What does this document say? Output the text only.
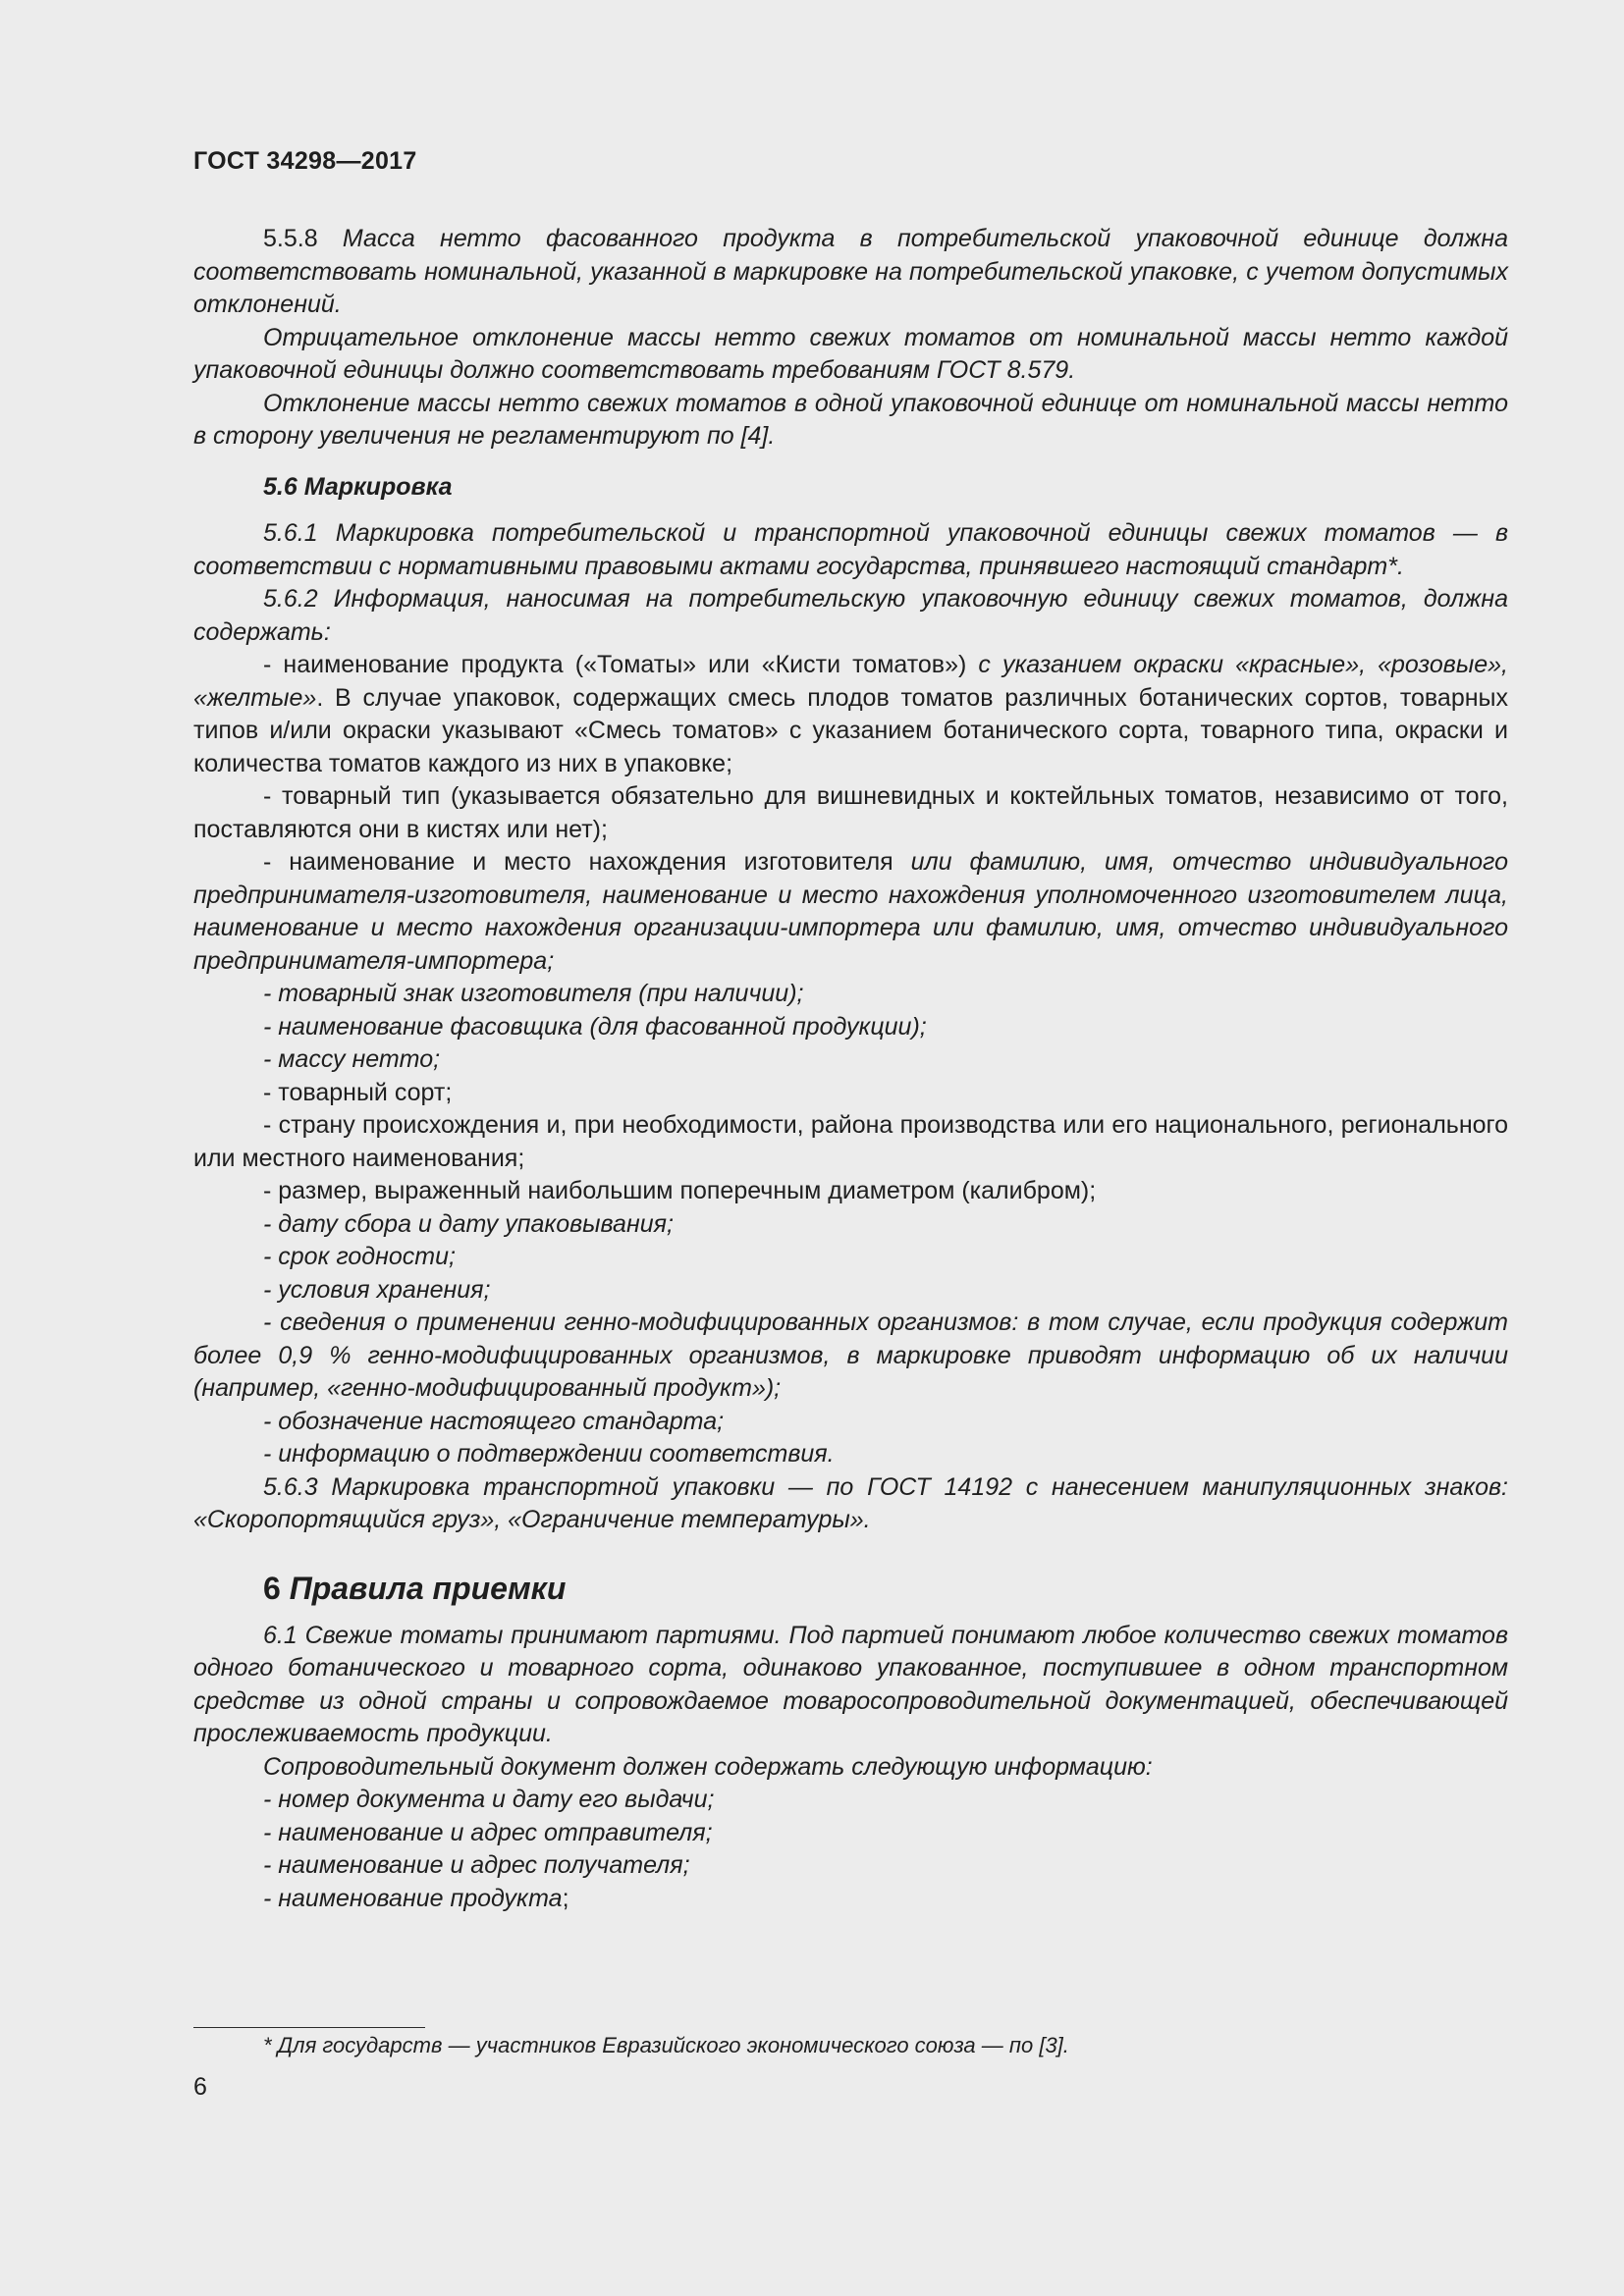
ГОСТ 34298—2017

5.5.8 Масса нетто фасованного продукта в потребительской упаковочной единице должна соответствовать номинальной, указанной в маркировке на потребительской упаковке, с учетом допустимых отклонений.

Отрицательное отклонение массы нетто свежих томатов от номинальной массы нетто каждой упаковочной единицы должно соответствовать требованиям ГОСТ 8.579.

Отклонение массы нетто свежих томатов в одной упаковочной единице от номинальной массы нетто в сторону увеличения не регламентируют по [4].

5.6 Маркировка

5.6.1 Маркировка потребительской и транспортной упаковочной единицы свежих томатов — в соответствии с нормативными правовыми актами государства, принявшего настоящий стандарт*.

5.6.2 Информация, наносимая на потребительскую упаковочную единицу свежих томатов, должна содержать:

- наименование продукта («Томаты» или «Кисти томатов») с указанием окраски «красные», «розовые», «желтые». В случае упаковок, содержащих смесь плодов томатов различных ботанических сортов, товарных типов и/или окраски указывают «Смесь томатов» с указанием ботанического сорта, товарного типа, окраски и количества томатов каждого из них в упаковке;

- товарный тип (указывается обязательно для вишневидных и коктейльных томатов, независимо от того, поставляются они в кистях или нет);

- наименование и место нахождения изготовителя или фамилию, имя, отчество индивидуального предпринимателя-изготовителя, наименование и место нахождения уполномоченного изготовителем лица, наименование и место нахождения организации-импортера или фамилию, имя, отчество индивидуального предпринимателя-импортера;

- товарный знак изготовителя (при наличии);

- наименование фасовщика (для фасованной продукции);

- массу нетто;

- товарный сорт;

- страну происхождения и, при необходимости, района производства или его национального, регионального или местного наименования;

- размер, выраженный наибольшим поперечным диаметром (калибром);

- дату сбора и дату упаковывания;

- срок годности;

- условия хранения;

- сведения о применении генно-модифицированных организмов: в том случае, если продукция содержит более 0,9 % генно-модифицированных организмов, в маркировке приводят информацию об их наличии (например, «генно-модифицированный продукт»);

- обозначение настоящего стандарта;

- информацию о подтверждении соответствия.

5.6.3 Маркировка транспортной упаковки — по ГОСТ 14192 с нанесением манипуляционных знаков: «Скоропортящийся груз», «Ограничение температуры».

6 Правила приемки

6.1 Свежие томаты принимают партиями. Под партией понимают любое количество свежих томатов одного ботанического и товарного сорта, одинаково упакованное, поступившее в одном транспортном средстве из одной страны и сопровождаемое товаросопроводительной документацией, обеспечивающей прослеживаемость продукции.

Сопроводительный документ должен содержать следующую информацию:

- номер документа и дату его выдачи;

- наименование и адрес отправителя;

- наименование и адрес получателя;

- наименование продукта;

* Для государств — участников Евразийского экономического союза — по [3].
6
